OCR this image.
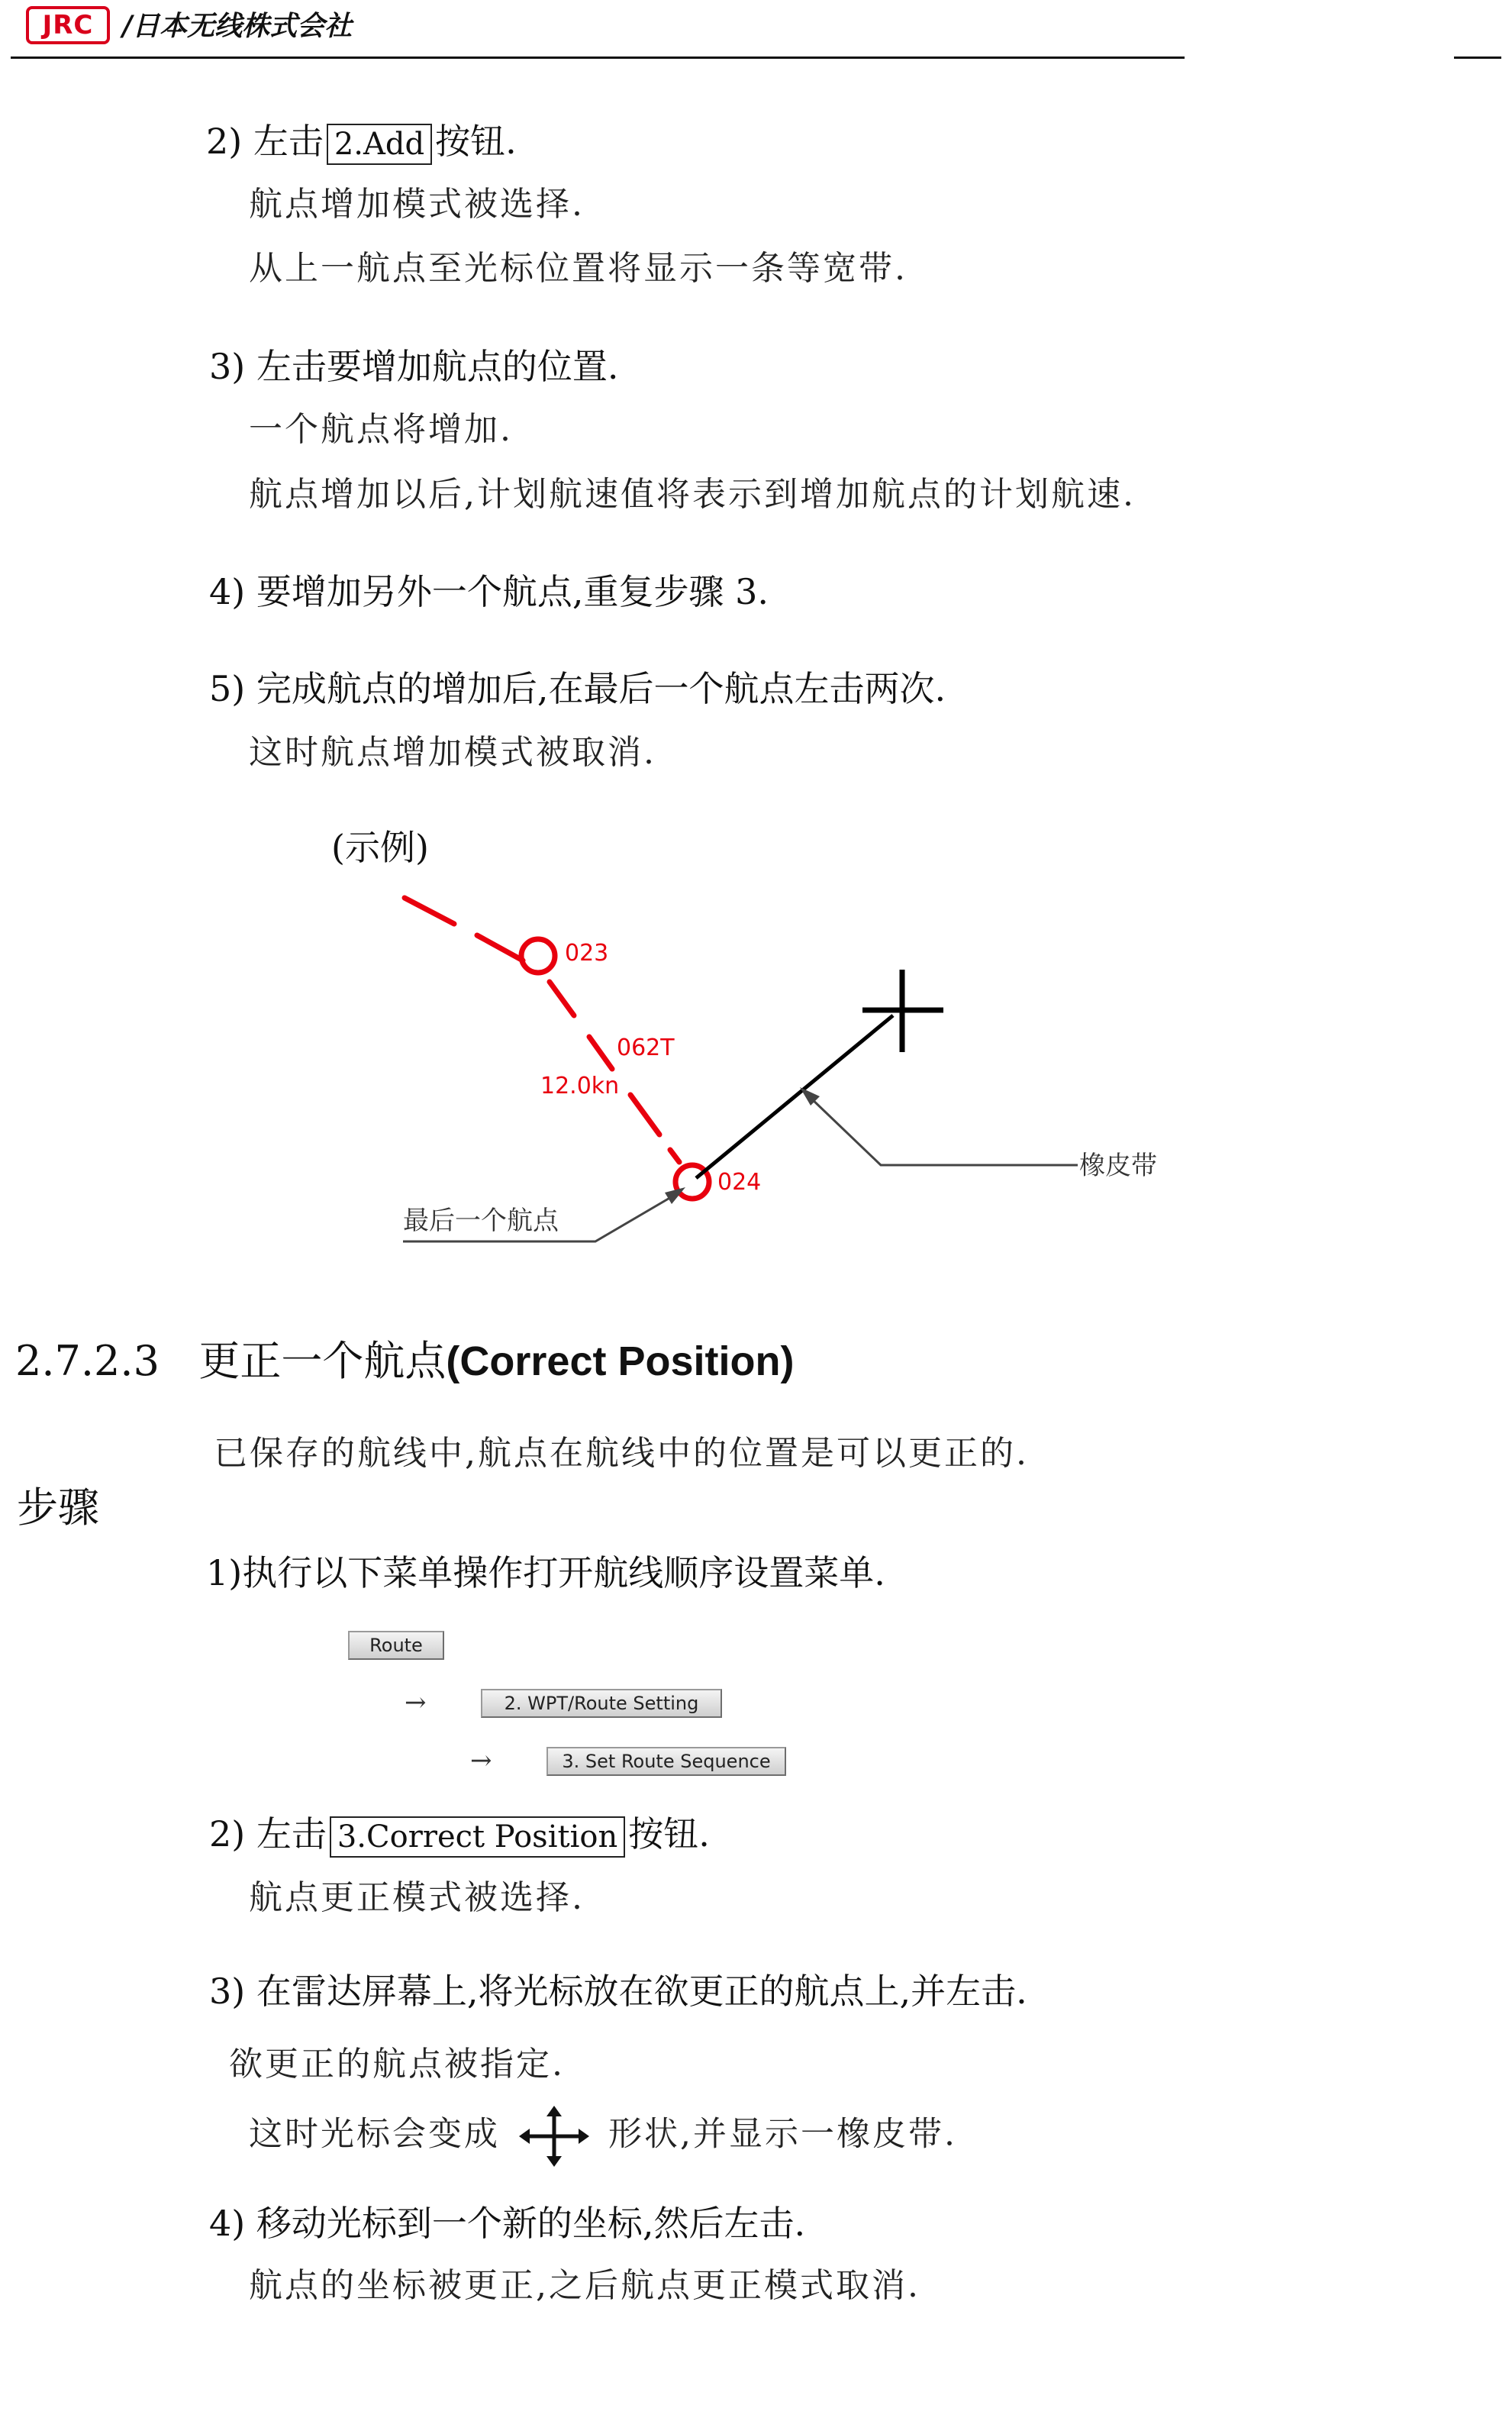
JRC	/日本无线株式会社
2) 左击 2.Add 按钮.
航点增加模式被选择.
从上一航点至光标位置将显示一条等宽带.
3) 左击要增加航点的位置.
一个航点将增加.
航点增加以后,计划航速值将表示到增加航点的计划航速.
4) 要增加另外一个航点,重复步骤 3.
5) 完成航点的增加后,在最后一个航点左击两次.
这时航点增加模式被取消.
(示例)
023
062T
12.0kn
024
橡皮带
最后一个航点
2.7.2.3 更正一个航点(Correct Position)
已保存的航线中,航点在航线中的位置是可以更正的.
步骤
1)执行以下菜单操作打开航线顺序设置菜单.
Route
→	2. WPT/Route Setting
→	3. Set Route Sequence
2) 左击 3.Correct Position 按钮.
航点更正模式被选择.
3) 在雷达屏幕上,将光标放在欲更正的航点上,并左击.
欲更正的航点被指定.
这时光标会变成	形状,并显示一橡皮带.
4) 移动光标到一个新的坐标,然后左击.
航点的坐标被更正,之后航点更正模式取消.
